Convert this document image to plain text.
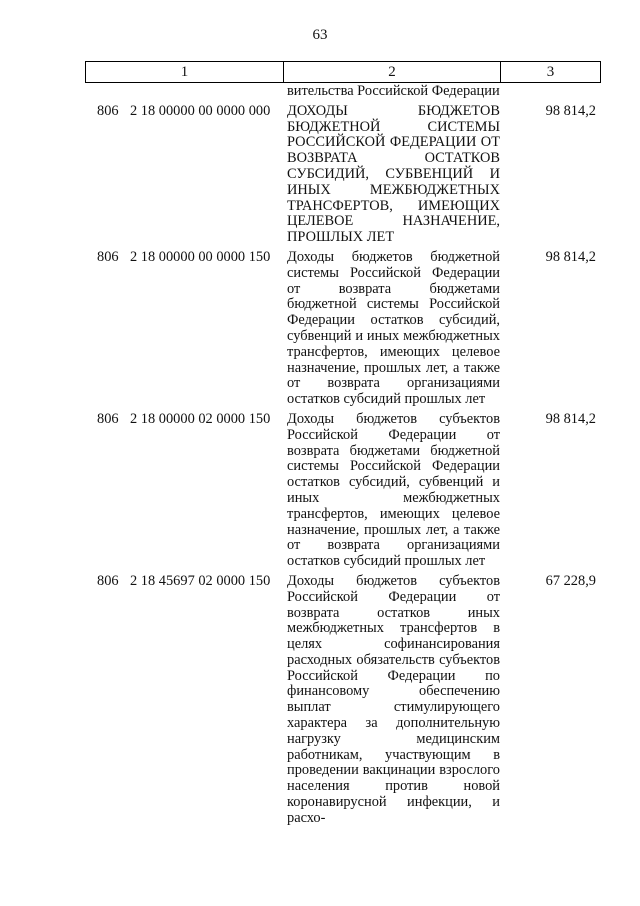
63
1	2	3
вительства Российской Федерации
806 2 18 00000 00 0000 000 ДОХОДЫ БЮДЖЕТОВ БЮДЖЕТНОЙ СИСТЕМЫ РОССИЙСКОЙ ФЕДЕРАЦИИ ОТ ВОЗВРАТА ОСТАТКОВ СУБСИДИЙ, СУБВЕНЦИЙ И ИНЫХ МЕЖБЮДЖЕТНЫХ ТРАНСФЕРТОВ, ИМЕЮЩИХ ЦЕЛЕВОЕ НАЗНАЧЕНИЕ, ПРОШЛЫХ ЛЕТ
98 814,2
806 2 18 00000 00 0000 150 Доходы бюджетов бюджетной системы Российской Федерации от возврата бюджетами бюджетной системы Российской Федерации остатков субсидий, субвенций и иных межбюджетных трансфертов, имеющих целевое назначение, прошлых лет, а также от возврата организациями остатков субсидий прошлых лет
98 814,2
806 2 18 00000 02 0000 150 Доходы бюджетов субъектов Российской Федерации от возврата бюджетами бюджетной системы Российской Федерации остатков субсидий, субвенций и иных межбюджетных трансфертов, имеющих целевое назначение, прошлых лет, а также от возврата организациями остатков субсидий прошлых лет
98 814,2
806 2 18 45697 02 0000 150 Доходы бюджетов субъектов Российской Федерации от возврата остатков иных межбюджетных трансфертов в целях софинансирования расходных обязательств субъектов Российской Федерации по финансовому обеспечению выплат стимулирующего характера за дополнительную нагрузку медицинским работникам, участвующим в проведении вакцинации взрослого населения против новой коронавирусной инфекции, и расхо-
67 228,9
